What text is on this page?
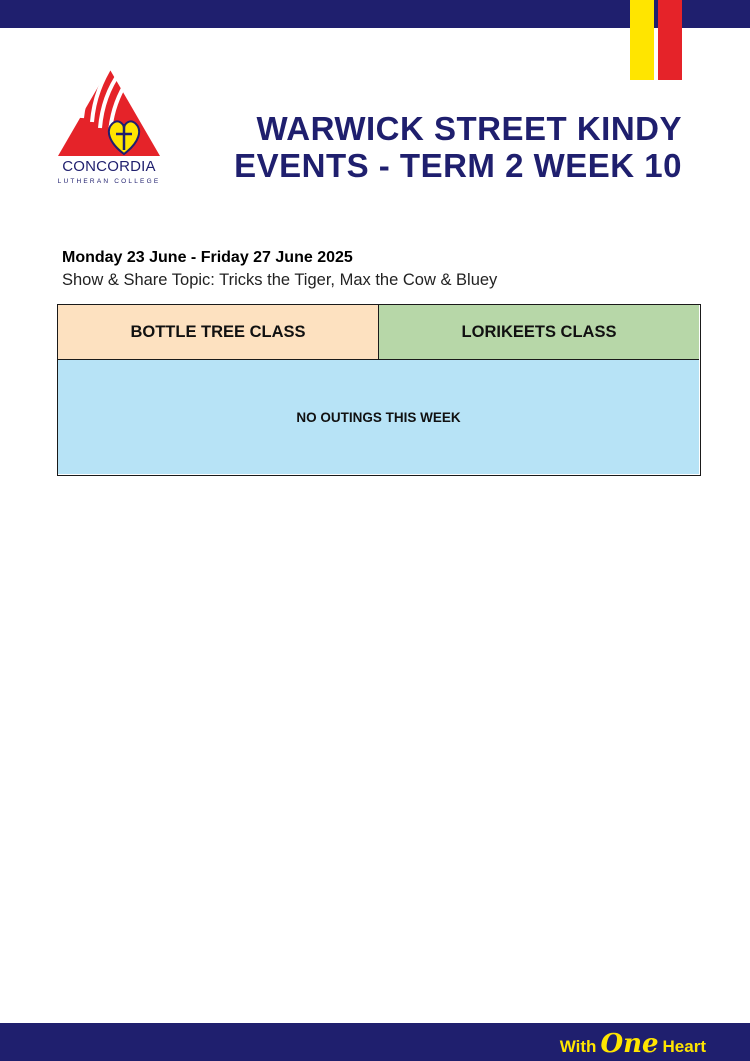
CONCORDIA
LUTHERAN COLLEGE
WARWICK STREET KINDY
EVENTS - TERM 2 WEEK 10
Monday 23 June - Friday 27 June 2025
Show & Share Topic: Tricks the Tiger, Max the Cow & Bluey
BOTTLE TREE CLASS	LORIKEETS CLASS
NO OUTINGS THIS WEEK
With One Heart
